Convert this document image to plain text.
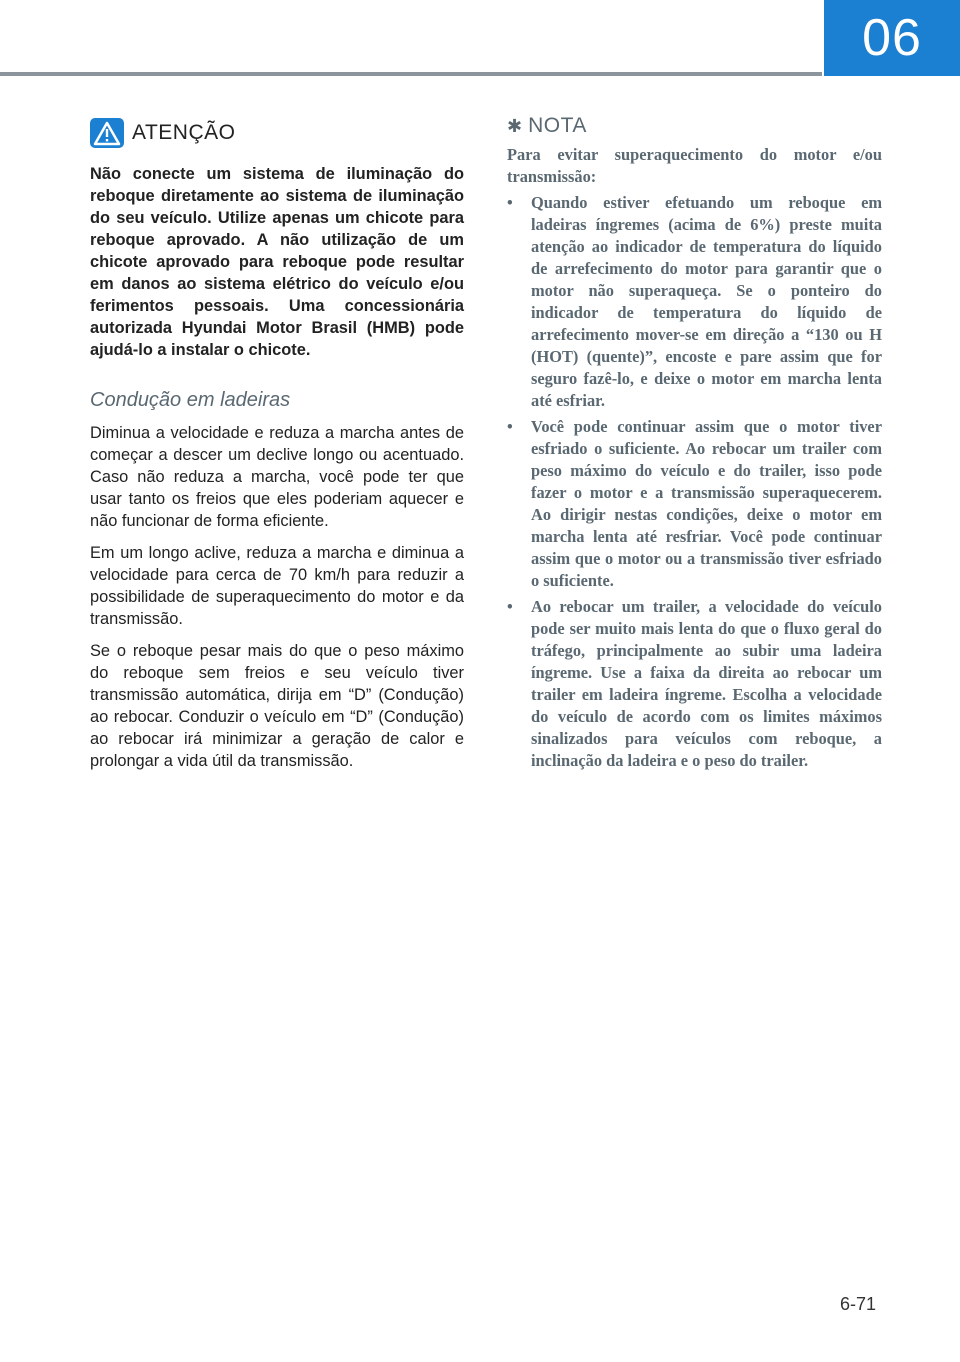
06
ATENÇÃO

Não conecte um sistema de iluminação do reboque diretamente ao sistema de iluminação do seu veículo. Utilize apenas um chicote para reboque aprovado. A não utilização de um chicote aprovado para reboque pode resultar em danos ao sistema elétrico do veículo e/ou ferimentos pessoais. Uma concessionária autorizada Hyundai Motor Brasil (HMB) pode ajudá-lo a instalar o chicote.

Condução em ladeiras

Diminua a velocidade e reduza a marcha antes de começar a descer um declive longo ou acentuado. Caso não reduza a marcha, você pode ter que usar tanto os freios que eles poderiam aquecer e não funcionar de forma eficiente.

Em um longo aclive, reduza a marcha e diminua a velocidade para cerca de 70 km/h para reduzir a possibilidade de superaquecimento do motor e da transmissão.

Se o reboque pesar mais do que o peso máximo do reboque sem freios e seu veículo tiver transmissão automática, dirija em “D” (Condução) ao rebocar. Conduzir o veículo em “D” (Condução) ao rebocar irá minimizar a geração de calor e prolongar a vida útil da transmissão.

✱ NOTA

Para evitar superaquecimento do motor e/ou transmissão:

• Quando estiver efetuando um reboque em ladeiras íngremes (acima de 6%) preste muita atenção ao indicador de temperatura do líquido de arrefecimento do motor para garantir que o motor não superaqueça. Se o ponteiro do indicador de temperatura do líquido de arrefecimento mover-se em direção a “130 ou H (HOT) (quente)”, encoste e pare assim que for seguro fazê-lo, e deixe o motor em marcha lenta até esfriar.
• Você pode continuar assim que o motor tiver esfriado o suficiente. Ao rebocar um trailer com peso máximo do veículo e do trailer, isso pode fazer o motor e a transmissão superaquecerem. Ao dirigir nestas condições, deixe o motor em marcha lenta até resfriar. Você pode continuar assim que o motor ou a transmissão tiver esfriado o suficiente.
• Ao rebocar um trailer, a velocidade do veículo pode ser muito mais lenta do que o fluxo geral do tráfego, principalmente ao subir uma ladeira íngreme. Use a faixa da direita ao rebocar um trailer em ladeira íngreme. Escolha a velocidade do veículo de acordo com os limites máximos sinalizados para veículos com reboque, a inclinação da ladeira e o peso do trailer.
6-71
